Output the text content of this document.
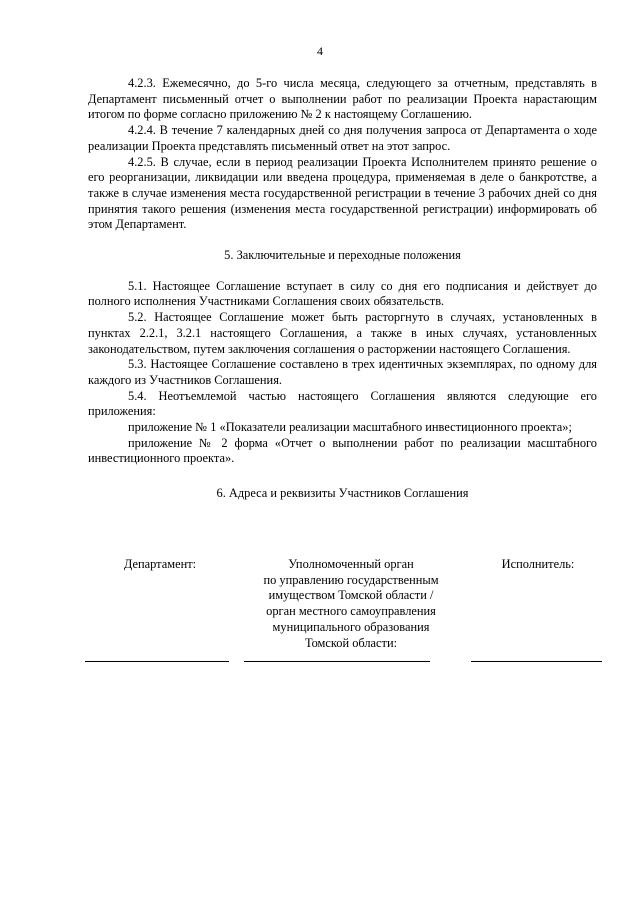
4

4.2.3. Ежемесячно, до 5-го числа месяца, следующего за отчетным, представлять в Департамент письменный отчет о выполнении работ по реализации Проекта нарастающим итогом по форме согласно приложению № 2 к настоящему Соглашению.

4.2.4. В течение 7 календарных дней со дня получения запроса от Департамента о ходе реализации Проекта представлять письменный ответ на этот запрос.

4.2.5. В случае, если в период реализации Проекта Исполнителем принято решение о его реорганизации, ликвидации или введена процедура, применяемая в деле о банкротстве, а также в случае изменения места государственной регистрации в течение 3 рабочих дней со дня принятия такого решения (изменения места государственной регистрации) информировать об этом Департамент.

5. Заключительные и переходные положения

5.1. Настоящее Соглашение вступает в силу со дня его подписания и действует до полного исполнения Участниками Соглашения своих обязательств.

5.2. Настоящее Соглашение может быть расторгнуто в случаях, установленных в пунктах 2.2.1, 3.2.1 настоящего Соглашения, а также в иных случаях, установленных законодательством, путем заключения соглашения о расторжении настоящего Соглашения.

5.3. Настоящее Соглашение составлено в трех идентичных экземплярах, по одному для каждого из Участников Соглашения.

5.4. Неотъемлемой частью настоящего Соглашения являются следующие его приложения:

приложение № 1 «Показатели реализации масштабного инвестиционного проекта»;

приложение № 2 форма «Отчет о выполнении работ по реализации масштабного инвестиционного проекта».

6. Адреса и реквизиты Участников Соглашения

Департамент:	Уполномоченный орган
по управлению государственным
имуществом Томской области /
орган местного самоуправления
муниципального образования
Томской области:
Исполнитель:
